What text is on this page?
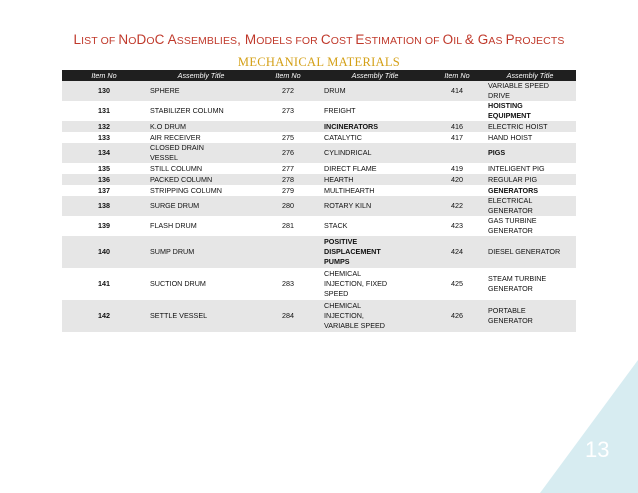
LIST OF NODOC ASSEMBLIES, MODELS FOR COST ESTIMATION OF OIL & GAS PROJECTS
MECHANICAL MATERIALS
Item No	Assembly Title	Item No	Assembly Title	Item No	Assembly Title
130	SPHERE	272	DRUM	414	VARIABLE SPEED
DRIVE
131	STABILIZER COLUMN	273	FREIGHT		HOISTING
EQUIPMENT
132	K.O DRUM		INCINERATORS	416	ELECTRIC HOIST
133	AIR RECEIVER	275	CATALYTIC	417	HAND HOIST
134	CLOSED DRAIN
VESSEL	276	CYLINDRICAL		PIGS
135	STILL COLUMN	277	DIRECT FLAME	419	INTELIGENT PIG
136	PACKED COLUMN	278	HEARTH	420	REGULAR PIG
137	STRIPPING COLUMN	279	MULTIHEARTH		GENERATORS
138	SURGE DRUM	280	ROTARY KILN	422	ELECTRICAL
GENERATOR
139	FLASH DRUM	281	STACK	423	GAS TURBINE
GENERATOR
140	SUMP DRUM		POSITIVE
DISPLACEMENT
PUMPS	424	DIESEL GENERATOR
141	SUCTION DRUM	283	CHEMICAL
INJECTION, FIXED
SPEED	425	STEAM TURBINE
GENERATOR
142	SETTLE VESSEL	284	CHEMICAL
INJECTION,
VARIABLE SPEED	426	PORTABLE
GENERATOR
13
